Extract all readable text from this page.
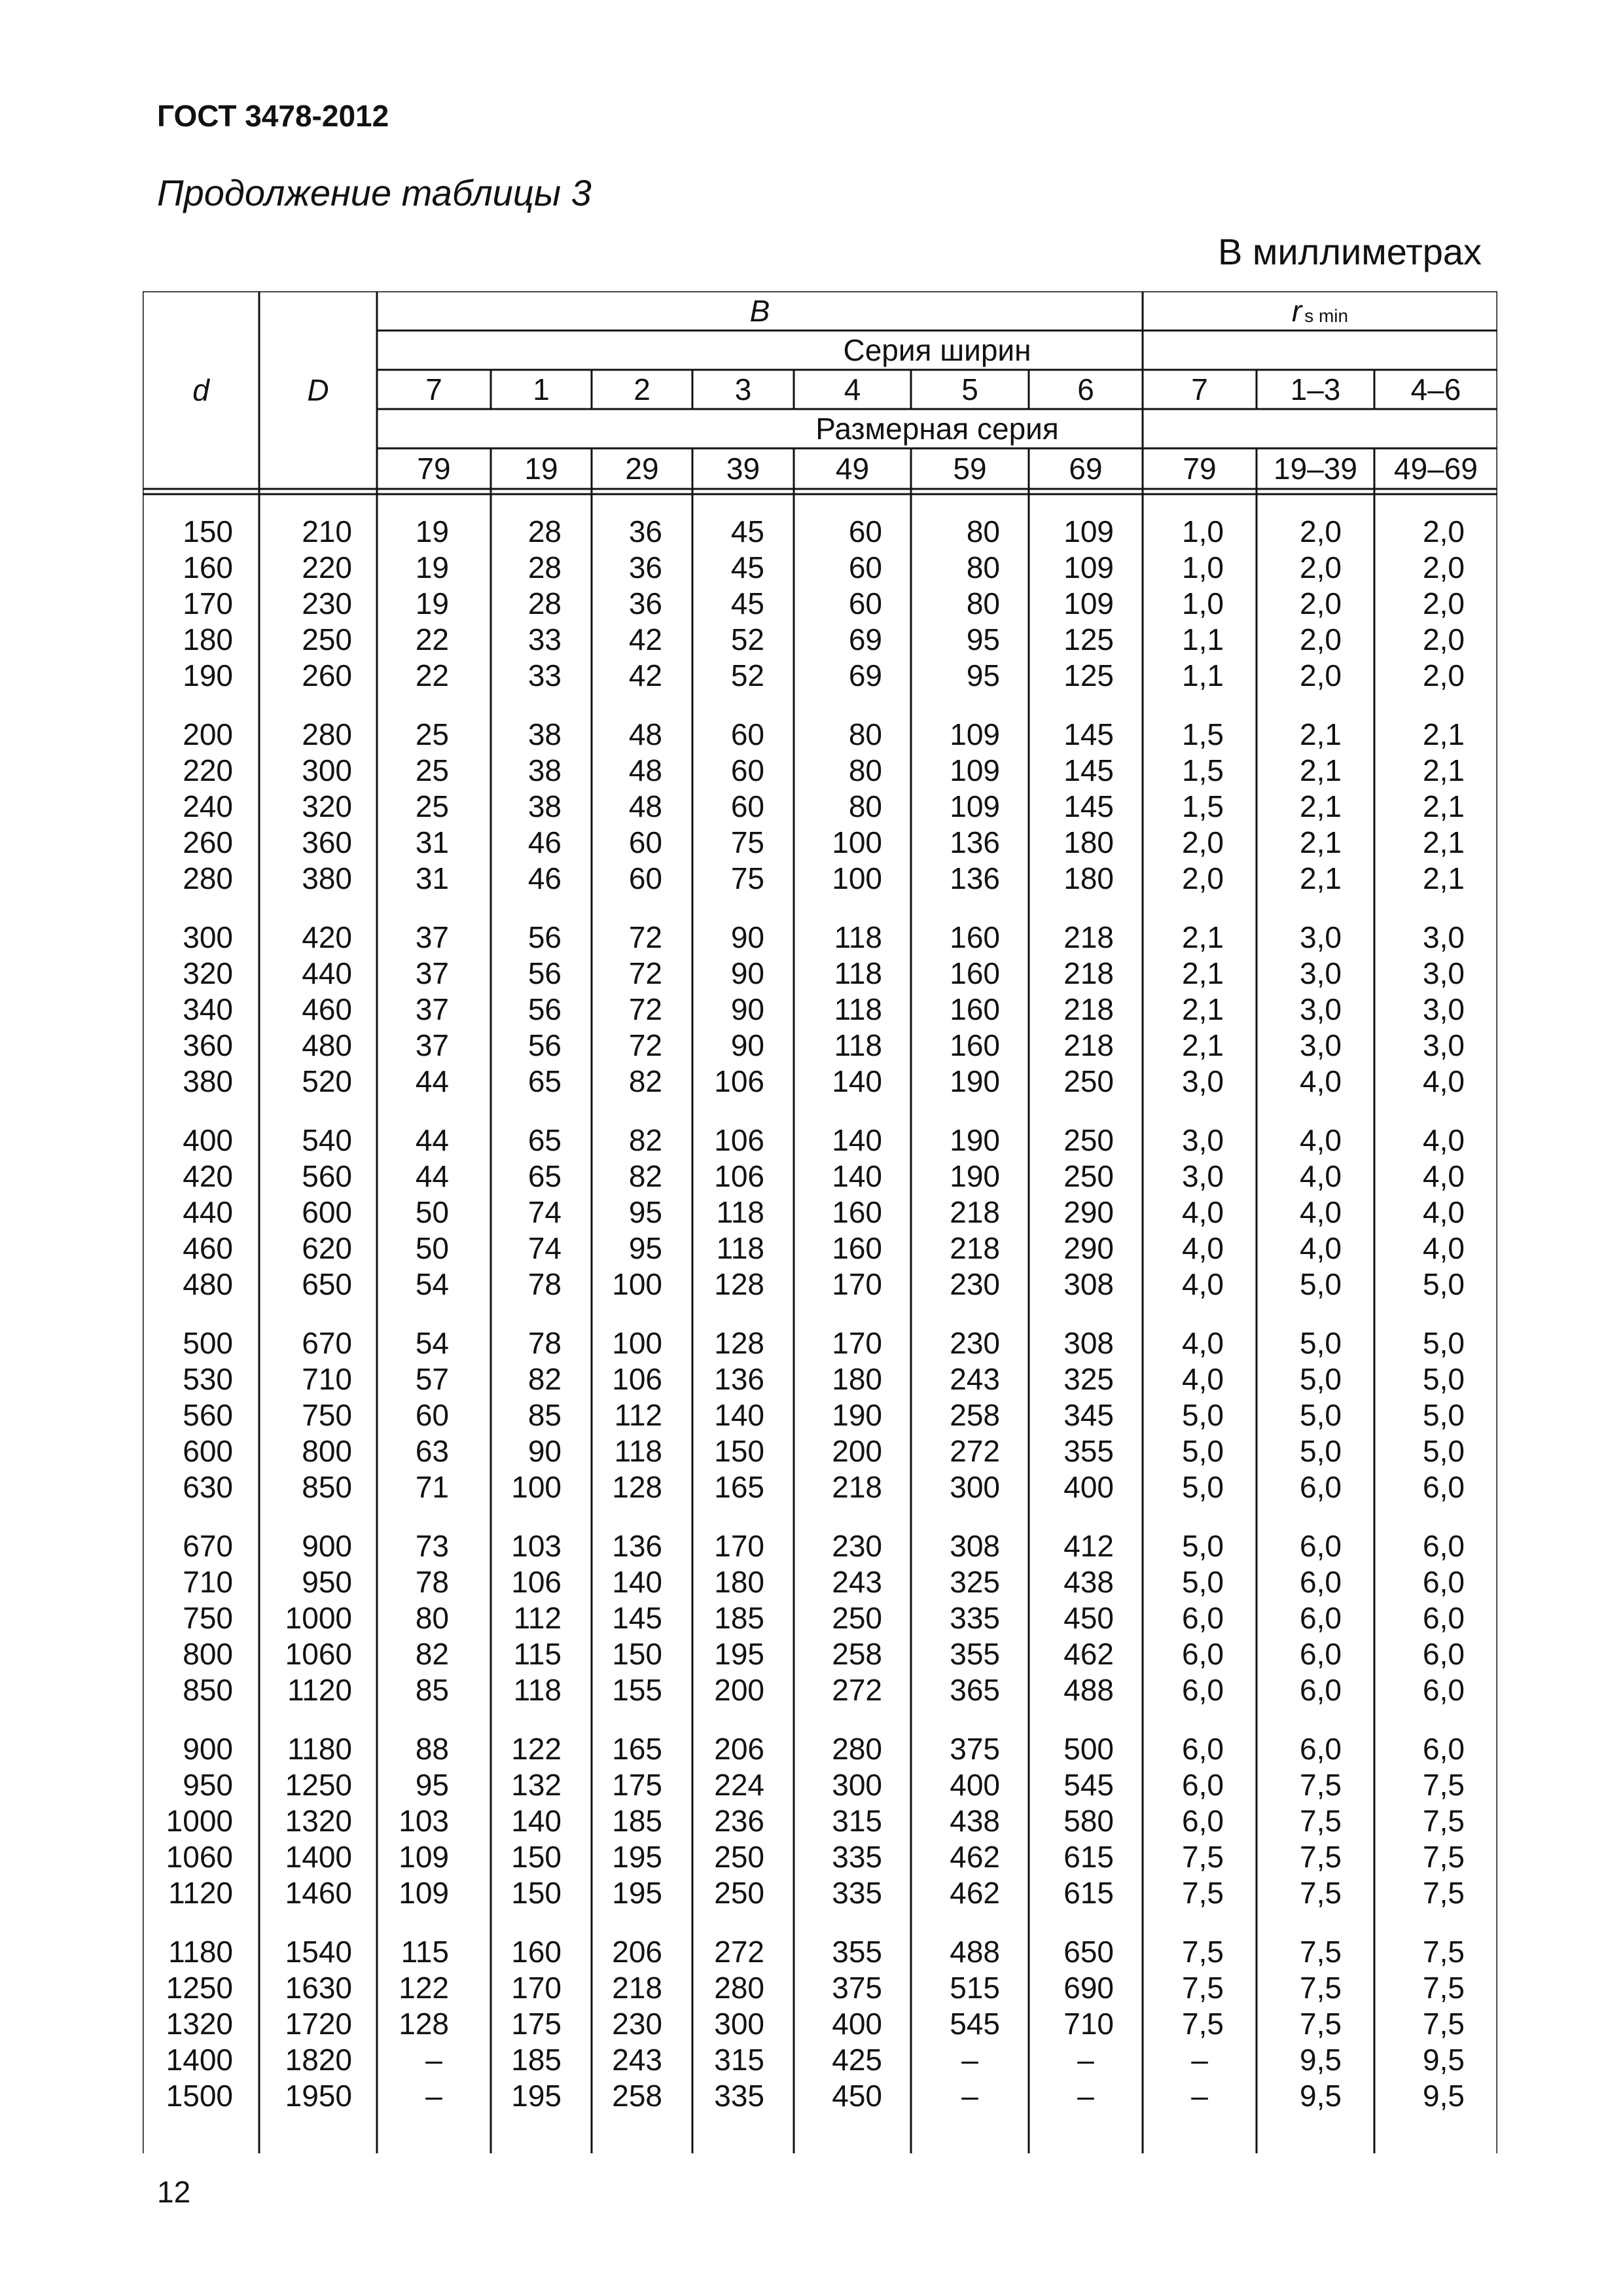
ГОСТ 3478-2012
Продолжение таблицы 3
В миллиметрах
d	D
B	$r_{s min}$
Серия ширин
7	1	2	3	4	5	6	7	1–3	4–6
Размерная серия
79	19	29	39	49	59	69	79	19–39	49–69
150	210	19	28	36	45	60	80	109	1,0	2,0	2,0
160	220	19	28	36	45	60	80	109	1,0	2,0	2,0
170	230	19	28	36	45	60	80	109	1,0	2,0	2,0
180	250	22	33	42	52	69	95	125	1,1	2,0	2,0
190	260	22	33	42	52	69	95	125	1,1	2,0	2,0
200	280	25	38	48	60	80	109	145	1,5	2,1	2,1
220	300	25	38	48	60	80	109	145	1,5	2,1	2,1
240	320	25	38	48	60	80	109	145	1,5	2,1	2,1
260	360	31	46	60	75	100	136	180	2,0	2,1	2,1
280	380	31	46	60	75	100	136	180	2,0	2,1	2,1
300	420	37	56	72	90	118	160	218	2,1	3,0	3,0
320	440	37	56	72	90	118	160	218	2,1	3,0	3,0
340	460	37	56	72	90	118	160	218	2,1	3,0	3,0
360	480	37	56	72	90	118	160	218	2,1	3,0	3,0
380	520	44	65	82	106	140	190	250	3,0	4,0	4,0
400	540	44	65	82	106	140	190	250	3,0	4,0	4,0
420	560	44	65	82	106	140	190	250	3,0	4,0	4,0
440	600	50	74	95	118	160	218	290	4,0	4,0	4,0
460	620	50	74	95	118	160	218	290	4,0	4,0	4,0
480	650	54	78	100	128	170	230	308	4,0	5,0	5,0
500	670	54	78	100	128	170	230	308	4,0	5,0	5,0
530	710	57	82	106	136	180	243	325	4,0	5,0	5,0
560	750	60	85	112	140	190	258	345	5,0	5,0	5,0
600	800	63	90	118	150	200	272	355	5,0	5,0	5,0
630	850	71	100	128	165	218	300	400	5,0	6,0	6,0
670	900	73	103	136	170	230	308	412	5,0	6,0	6,0
710	950	78	106	140	180	243	325	438	5,0	6,0	6,0
750	1000	80	112	145	185	250	335	450	6,0	6,0	6,0
800	1060	82	115	150	195	258	355	462	6,0	6,0	6,0
850	1120	85	118	155	200	272	365	488	6,0	6,0	6,0
900	1180	88	122	165	206	280	375	500	6,0	6,0	6,0
950	1250	95	132	175	224	300	400	545	6,0	7,5	7,5
1000	1320	103	140	185	236	315	438	580	6,0	7,5	7,5
1060	1400	109	150	195	250	335	462	615	7,5	7,5	7,5
1120	1460	109	150	195	250	335	462	615	7,5	7,5	7,5
1180	1540	115	160	206	272	355	488	650	7,5	7,5	7,5
1250	1630	122	170	218	280	375	515	690	7,5	7,5	7,5
1320	1720	128	175	230	300	400	545	710	7,5	7,5	7,5
1400	1820	–	185	243	315	425	–	–	–	9,5	9,5
1500	1950	–	195	258	335	450	–	–	–	9,5	9,5
12
